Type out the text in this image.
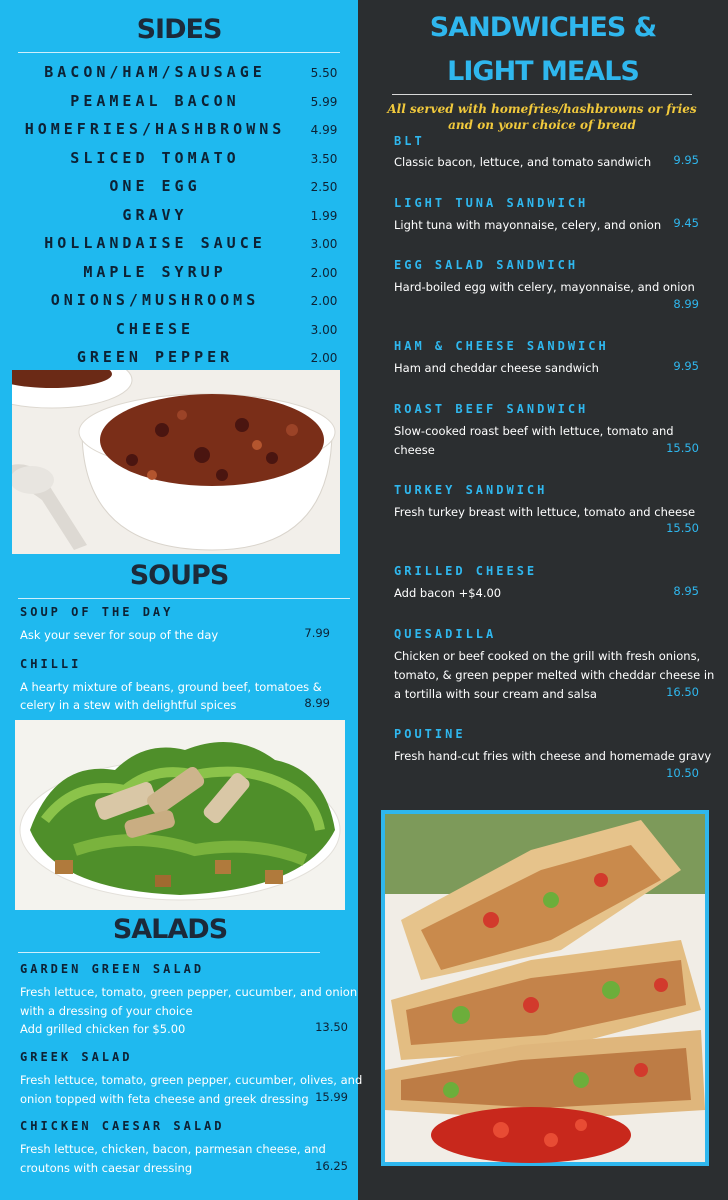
SIDES
BACON/HAM/SAUSAGE	5.50
PEAMEAL BACON	5.99
HOMEFRIES/HASHBROWNS	4.99
SLICED TOMATO	3.50
ONE EGG	2.50
GRAVY	1.99
HOLLANDAISE SAUCE	3.00
MAPLE SYRUP	2.00
ONIONS/MUSHROOMS	2.00
CHEESE	3.00
GREEN PEPPER	2.00
SOUPS
SOUP OF THE DAY
Ask your sever for soup of the day	7.99
CHILLI
A hearty mixture of beans, ground beef, tomatoes &
celery in a stew with delightful spices	8.99
SALADS
GARDEN GREEN SALAD
Fresh lettuce, tomato, green pepper, cucumber, and onion
with a dressing of your choice
Add grilled chicken for $5.00	13.50
GREEK SALAD
Fresh lettuce, tomato, green pepper, cucumber, olives, and
onion topped with feta cheese and greek dressing 15.99
CHICKEN CAESAR SALAD
Fresh lettuce, chicken, bacon, parmesan cheese, and
croutons with caesar dressing	16.25
SANDWICHES &
LIGHT MEALS
All served with homefries/hashbrowns or fries
and on your choice of bread
BLT
Classic bacon, lettuce, and tomato sandwich	9.95
LIGHT TUNA SANDWICH
Light tuna with mayonnaise, celery, and onion	9.45
EGG SALAD SANDWICH
Hard-boiled egg with celery, mayonnaise, and onion
8.99
HAM & CHEESE SANDWICH
Ham and cheddar cheese sandwich	9.95
ROAST BEEF SANDWICH
Slow-cooked roast beef with lettuce, tomato and
cheese	15.50
TURKEY SANDWICH
Fresh turkey breast with lettuce, tomato and cheese
15.50
GRILLED CHEESE
Add bacon +$4.00	8.95
QUESADILLA
Chicken or beef cooked on the grill with fresh onions,
tomato, & green pepper melted with cheddar cheese in
a tortilla with sour cream and salsa	16.50
POUTINE
Fresh hand-cut fries with cheese and homemade gravy
10.50
